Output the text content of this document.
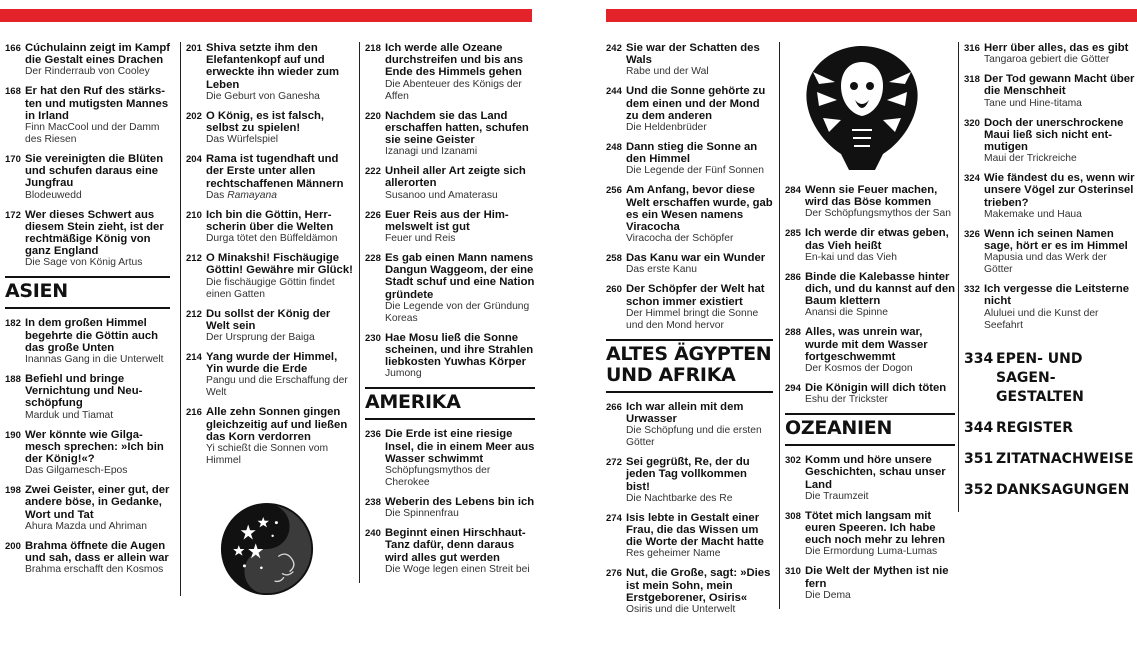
166 Cúchulainn zeigt im Kampf die Gestalt eines Drachen
Der Rinderraub von Cooley
168 Er hat den Ruf des stärksten und mutigsten Mannes in Irland
Finn MacCool und der Damm des Riesen
170 Sie vereinigten die Blüten und schufen daraus eine Jungfrau
Blodeuwedd
172 Wer dieses Schwert aus diesem Stein zieht, ist der rechtmäßige König von ganz England
Die Sage von König Artus
ASIEN
182 In dem großen Himmel begehrte die Göttin auch das große Unten
Inannas Gang in die Unterwelt
188 Befiehl und bringe Vernichtung und Neuschöpfung
Marduk und Tiamat
190 Wer könnte wie Gilgamesch sprechen: »Ich bin der König!«?
Das Gilgamesch-Epos
198 Zwei Geister, einer gut, der andere böse, in Gedanke, Wort und Tat
Ahura Mazda und Ahriman
200 Brahma öffnete die Augen und sah, dass er allein war
Brahma erschafft den Kosmos
201 Shiva setzte ihm den Elefantenkopf auf und erweckte ihn wieder zum Leben
Die Geburt von Ganesha
202 O König, es ist falsch, selbst zu spielen!
Das Würfelspiel
204 Rama ist tugendhaft und der Erste unter allen rechtschaffenen Männern
Das Ramayana
210 Ich bin die Göttin, Herrscherin über die Welten
Durga tötet den Büffeldämon
212 O Minakshi! Fischäugige Göttin! Gewähre mir Glück!
Die fischäugige Göttin findet einen Gatten
212 Du sollst der König der Welt sein
Der Ursprung der Baiga
214 Yang wurde der Himmel, Yin wurde die Erde
Pangu und die Erschaffung der Welt
216 Alle zehn Sonnen gingen gleichzeitig auf und ließen das Korn verdorren
Yi schießt die Sonnen vom Himmel
218 Ich werde alle Ozeane durchstreifen und bis ans Ende des Himmels gehen
Die Abenteuer des Königs der Affen
220 Nachdem sie das Land erschaffen hatten, schufen sie seine Geister
Izanagi und Izanami
222 Unheil aller Art zeigte sich allerorten
Susanoo und Amaterasu
226 Euer Reis aus der Himmelswelt ist gut
Feuer und Reis
228 Es gab einen Mann namens Dangun Waggeom, der eine Stadt schuf und eine Nation gründete
Die Legende von der Gründung Koreas
230 Hae Mosu ließ die Sonne scheinen, und ihre Strahlen liebkosten Yuwhas Körper
Jumong
AMERIKA
236 Die Erde ist eine riesige Insel, die in einem Meer aus Wasser schwimmt
Schöpfungsmythos der Cherokee
238 Weberin des Lebens bin ich
Die Spinnenfrau
240 Beginnt einen Hirschhaut-Tanz dafür, denn daraus wird alles gut werden
Die Woge legen einen Streit bei
242 Sie war der Schatten des Wals
Rabe und der Wal
244 Und die Sonne gehörte zu dem einen und der Mond zu dem anderen
Die Heldenbrüder
248 Dann stieg die Sonne an den Himmel
Die Legende der Fünf Sonnen
256 Am Anfang, bevor diese Welt erschaffen wurde, gab es ein Wesen namens Viracocha
Viracocha der Schöpfer
258 Das Kanu war ein Wunder
Das erste Kanu
260 Der Schöpfer der Welt hat schon immer existiert
Der Himmel bringt die Sonne und den Mond hervor
ALTES ÄGYPTEN
UND AFRIKA
266 Ich war allein mit dem Urwasser
Die Schöpfung und die ersten Götter
272 Sei gegrüßt, Re, der du jeden Tag vollkommen bist!
Die Nachtbarke des Re
274 Isis lebte in Gestalt einer Frau, die das Wissen um die Worte der Macht hatte
Res geheimer Name
276 Nut, die Große, sagt: »Dies ist mein Sohn, mein Erstgeborener, Osiris«
Osiris und die Unterwelt
284 Wenn sie Feuer machen, wird das Böse kommen
Der Schöpfungsmythos der San
285 Ich werde dir etwas geben, das Vieh heißt
En-kai und das Vieh
286 Binde die Kalebasse hinter dich, und du kannst auf den Baum klettern
Anansi die Spinne
288 Alles, was unrein war, wurde mit dem Wasser fortgeschwemmt
Der Kosmos der Dogon
294 Die Königin will dich töten
Eshu der Trickster
OZEANIEN
302 Komm und höre unsere Geschichten, schau unser Land
Die Traumzeit
308 Tötet mich langsam mit euren Speeren. Ich habe euch noch mehr zu lehren
Die Ermordung Luma-Lumas
310 Die Welt der Mythen ist nie fern
Die Dema
316 Herr über alles, das es gibt
Tangaroa gebiert die Götter
318 Der Tod gewann Macht über die Menschheit
Tane und Hine-titama
320 Doch der unerschrockene Maui ließ sich nicht entmutigen
Maui der Trickreiche
324 Wie fändest du es, wenn wir unsere Vögel zur Osterinsel trieben?
Makemake und Haua
326 Wenn ich seinen Namen sage, hört er es im Himmel
Mapusia und das Werk der Götter
332 Ich vergesse die Leitsterne nicht
Aluluei und die Kunst der Seefahrt
334 EPEN- UND SAGEN-
GESTALTEN
344 REGISTER
351 ZITATNACHWEISE
352 DANKSAGUNGEN
